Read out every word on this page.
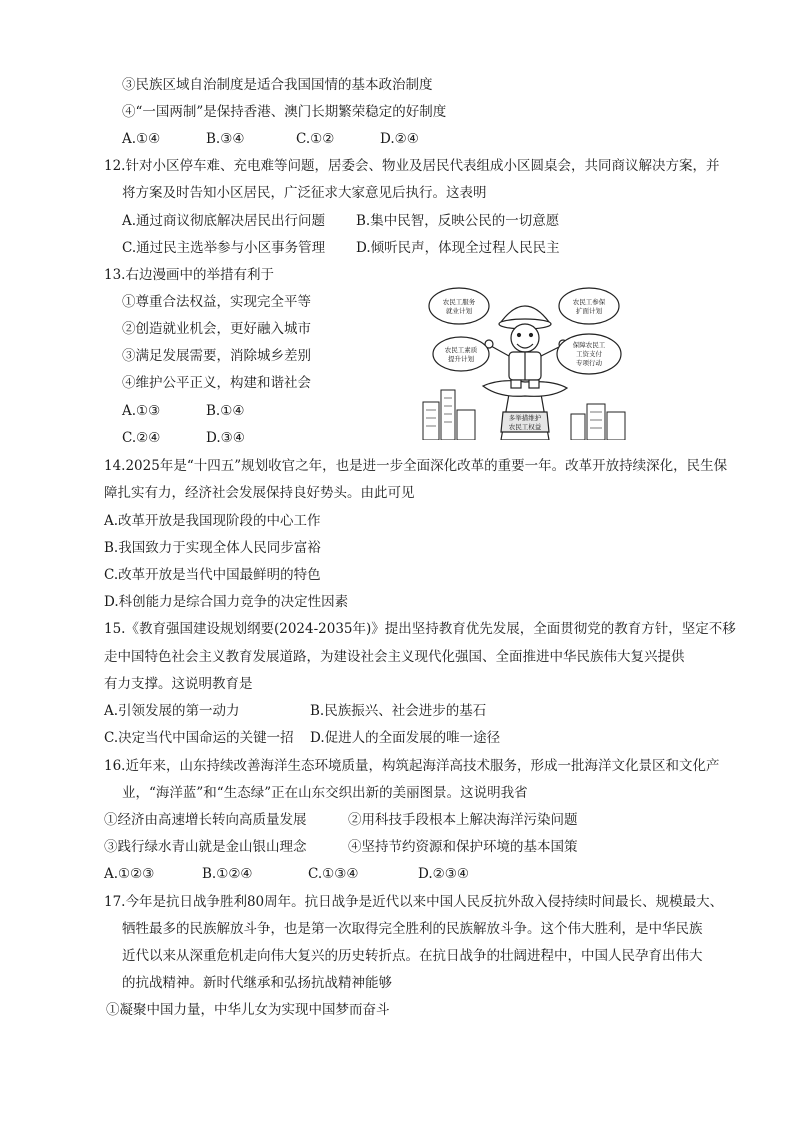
③民族区域自治制度是适合我国国情的基本政治制度
④“一国两制”是保持香港、澳门长期繁荣稳定的好制度
A.①④	B.③④	C.①②	D.②④
12.针对小区停车难、充电难等问题，居委会、物业及居民代表组成小区圆桌会，共同商议解决方案，并
将方案及时告知小区居民，广泛征求大家意见后执行。这表明
A.通过商议彻底解决居民出行问题 B.集中民智，反映公民的一切意愿
C.通过民主选举参与小区事务管理 D.倾听民声，体现全过程人民民主
13.右边漫画中的举措有利于
①尊重合法权益，实现完全平等
②创造就业机会，更好融入城市
③满足发展需要，消除城乡差别
④维护公平正义，构建和谐社会
A.①③	B.①④
C.②④	D.③④
多举措维护
农民工权益
农民工服务
就业计划
农民工参保
扩面计划
农民工素质
提升计划
保障农民工
工资支付
专项行动
14.2025年是“十四五”规划收官之年，也是进一步全面深化改革的重要一年。改革开放持续深化，民生保
障扎实有力，经济社会发展保持良好势头。由此可见
A.改革开放是我国现阶段的中心工作
B.我国致力于实现全体人民同步富裕
C.改革开放是当代中国最鲜明的特色
D.科创能力是综合国力竞争的决定性因素
15.《教育强国建设规划纲要(2024-2035年)》提出坚持教育优先发展，全面贯彻党的教育方针，坚定不移
走中国特色社会主义教育发展道路，为建设社会主义现代化强国、全面推进中华民族伟大复兴提供
有力支撑。这说明教育是
A.引领发展的第一动力	B.民族振兴、社会进步的基石
C.决定当代中国命运的关键一招 D.促进人的全面发展的唯一途径
16.近年来，山东持续改善海洋生态环境质量，构筑起海洋高技术服务，形成一批海洋文化景区和文化产
业，“海洋蓝”和“生态绿”正在山东交织出新的美丽图景。这说明我省
①经济由高速增长转向高质量发展	②用科技手段根本上解决海洋污染问题
③践行绿水青山就是金山银山理念	④坚持节约资源和保护环境的基本国策
A.①②③	B.①②④	C.①③④	D.②③④
17.今年是抗日战争胜利80周年。抗日战争是近代以来中国人民反抗外敌入侵持续时间最长、规模最大、
牺牲最多的民族解放斗争，也是第一次取得完全胜利的民族解放斗争。这个伟大胜利，是中华民族
近代以来从深重危机走向伟大复兴的历史转折点。在抗日战争的壮阔进程中，中国人民孕育出伟大
的抗战精神。新时代继承和弘扬抗战精神能够
①凝聚中国力量，中华儿女为实现中国梦而奋斗
